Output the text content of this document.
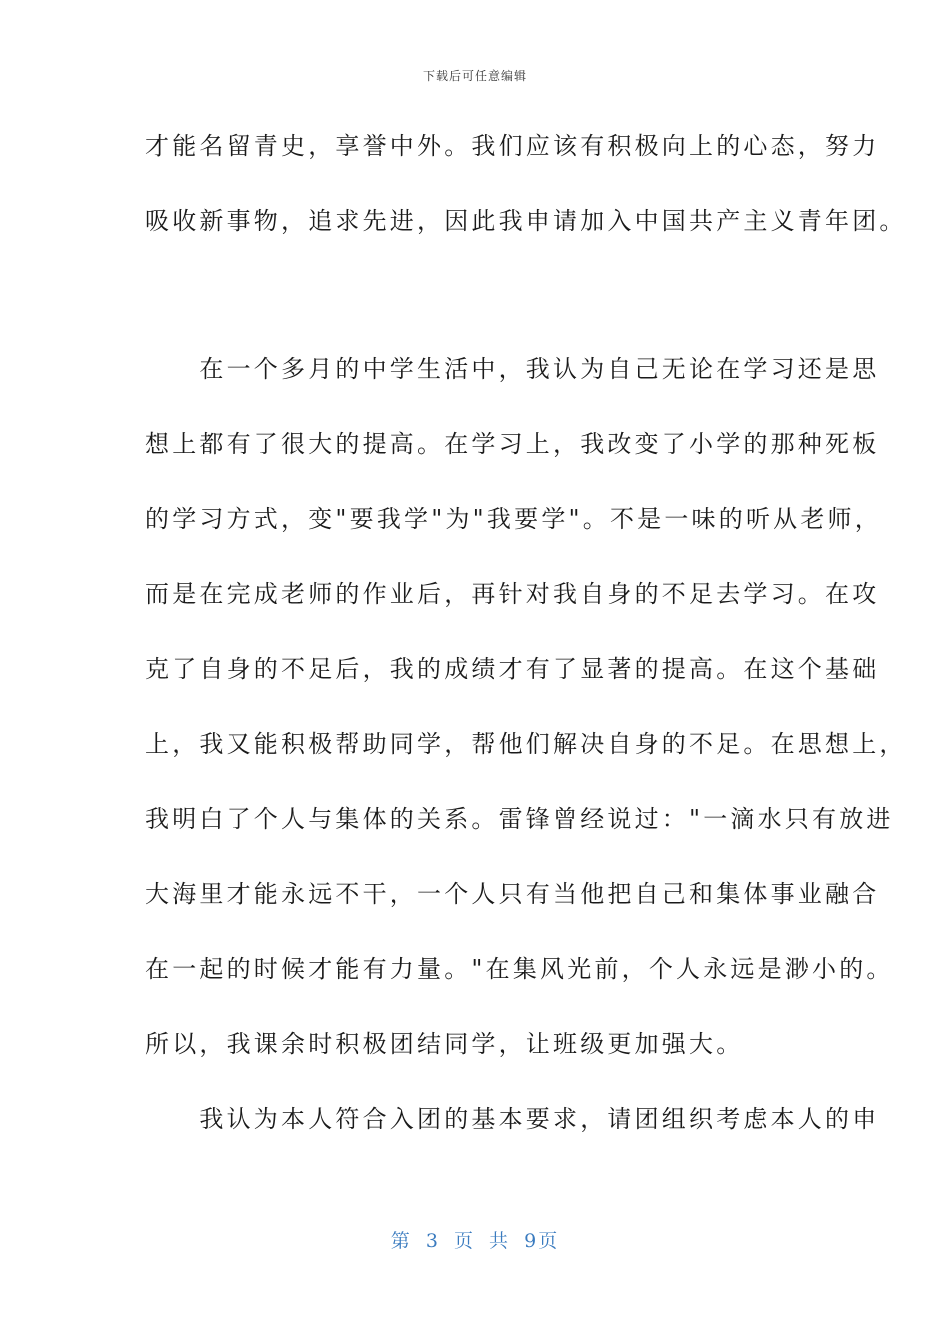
下载后可任意编辑
才能名留青史，享誉中外。我们应该有积极向上的心态，努力
吸收新事物，追求先进，因此我申请加入中国共产主义青年团。
　　在一个多月的中学生活中，我认为自己无论在学习还是思
想上都有了很大的提高。在学习上，我改变了小学的那种死板
的学习方式，变"要我学"为"我要学"。不是一味的听从老师，
而是在完成老师的作业后，再针对我自身的不足去学习。在攻
克了自身的不足后，我的成绩才有了显著的提高。在这个基础
上，我又能积极帮助同学，帮他们解决自身的不足。在思想上，
我明白了个人与集体的关系。雷锋曾经说过："一滴水只有放进
大海里才能永远不干，一个人只有当他把自己和集体事业融合
在一起的时候才能有力量。"在集风光前，个人永远是渺小的。
所以，我课余时积极团结同学，让班级更加强大。
　　我认为本人符合入团的基本要求，请团组织考虑本人的申
第 3 页 共 9页
